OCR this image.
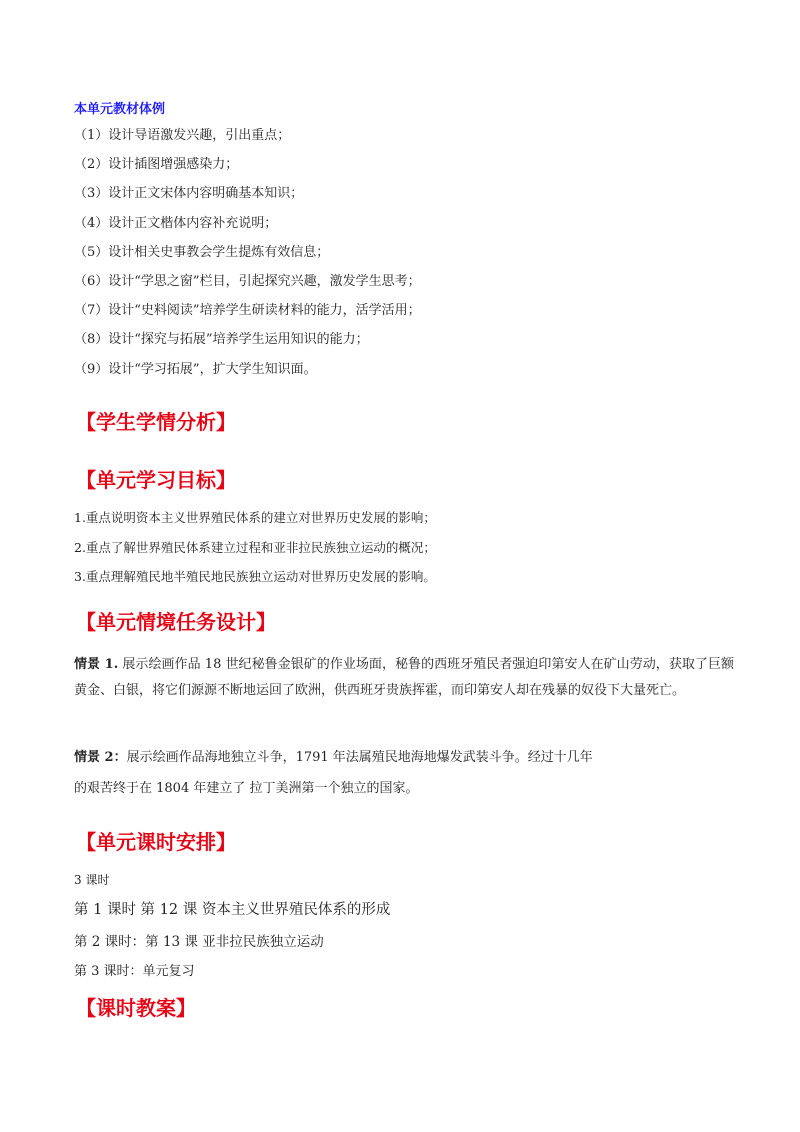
本单元教材体例
（1）设计导语激发兴趣，引出重点；
（2）设计插图增强感染力；
（3）设计正文宋体内容明确基本知识；
（4）设计正文楷体内容补充说明；
（5）设计相关史事教会学生提炼有效信息；
（6）设计“学思之窗”栏目，引起探究兴趣，激发学生思考；
（7）设计“史料阅读”培养学生研读材料的能力，活学活用；
（8）设计“探究与拓展”培养学生运用知识的能力；
（9）设计“学习拓展”，扩大学生知识面。
【学生学情分析】
【单元学习目标】
1.重点说明资本主义世界殖民体系的建立对世界历史发展的影响；
2.重点了解世界殖民体系建立过程和亚非拉民族独立运动的概况；
3.重点理解殖民地半殖民地民族独立运动对世界历史发展的影响。
【单元情境任务设计】
情景 1. 展示绘画作品 18 世纪秘鲁金银矿的作业场面，秘鲁的西班牙殖民者强迫印第安人在矿山劳动，获取了巨额黄金、白银，将它们源源不断地运回了欧洲，供西班牙贵族挥霍，而印第安人却在残暴的奴役下大量死亡。
情景 2：展示绘画作品海地独立斗争，1791 年法属殖民地海地爆发武装斗争。经过十几年
的艰苦终于在 1804 年建立了 拉丁美洲第一个独立的国家。
【单元课时安排】
3 课时

第 1 课时 第 12 课 资本主义世界殖民体系的形成

第 2 课时：第 13 课 亚非拉民族独立运动

第 3 课时：单元复习

【课时教案】
